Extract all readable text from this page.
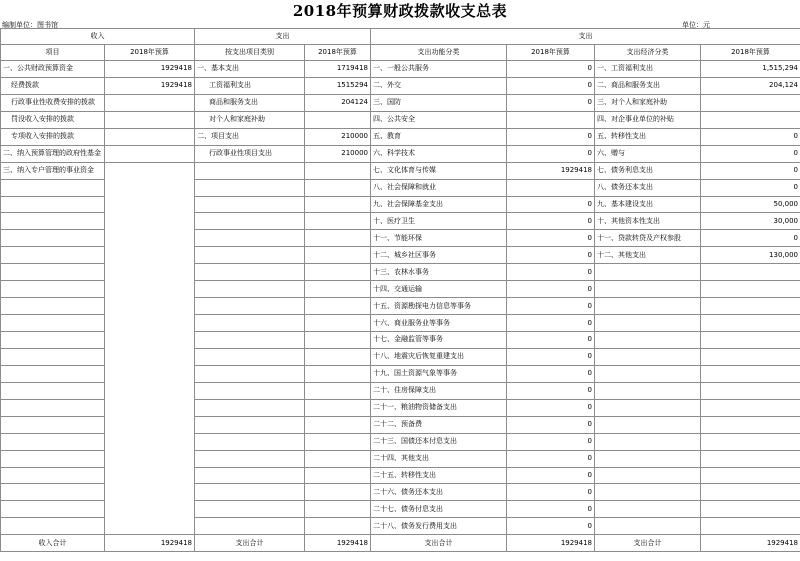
2018年预算财政拨款收支总表
编制单位：图书馆	单位：元
收入		支出		支出			
项目	2018年预算	按支出项目类别	2018年预算	支出功能分类	2018年预算	支出经济分类	2018年预算
一、公共财政预算资金	1929418	一、基本支出	1719418	一、一般公共服务	0	一、工资福利支出	1,515,294
经费拨款	1929418	工资福利支出	1515294	二、外交	0	二、商品和服务支出	204,124
行政事业性收费安排的拨款		商品和服务支出	204124	三、国防	0	三、对个人和家庭补助	
罚没收入安排的拨款		对个人和家庭补助		四、公共安全		四、对企事业单位的补贴	
专项收入安排的拨款		二、项目支出	210000	五、教育	0	五、转移性支出	0
二、纳入预算管理的政府性基金		行政事业性项目支出	210000	六、科学技术	0	六、赠与	0
三、纳入专户管理的事业资金				七、文化体育与传媒	1929418	七、债务利息支出	0
				八、社会保障和就业		八、债务还本支出	0
				九、社会保障基金支出	0	九、基本建设支出	50,000
				十、医疗卫生	0	十、其他资本性支出	30,000
				十一、节能环保	0	十一、贷款转贷及产权参股	0
				十二、城乡社区事务	0	十二、其他支出	130,000
				十三、农林水事务	0		
				十四、交通运输	0		
				十五、资源勘探电力信息等事务	0		
				十六、商业服务业等事务	0		
				十七、金融监管等事务	0		
				十八、地震灾后恢复重建支出	0		
				十九、国土资源气象等事务	0		
				二十、住房保障支出	0		
				二十一、粮油物资储备支出	0		
				二十二、预备费	0		
				二十三、国债还本付息支出	0		
				二十四、其他支出	0		
				二十五、转移性支出	0		
				二十六、债务还本支出	0		
				二十七、债务付息支出	0		
				二十八、债务发行费用支出	0		
收入合计	1929418	支出合计	1929418	支出合计	1929418	支出合计	1929418
